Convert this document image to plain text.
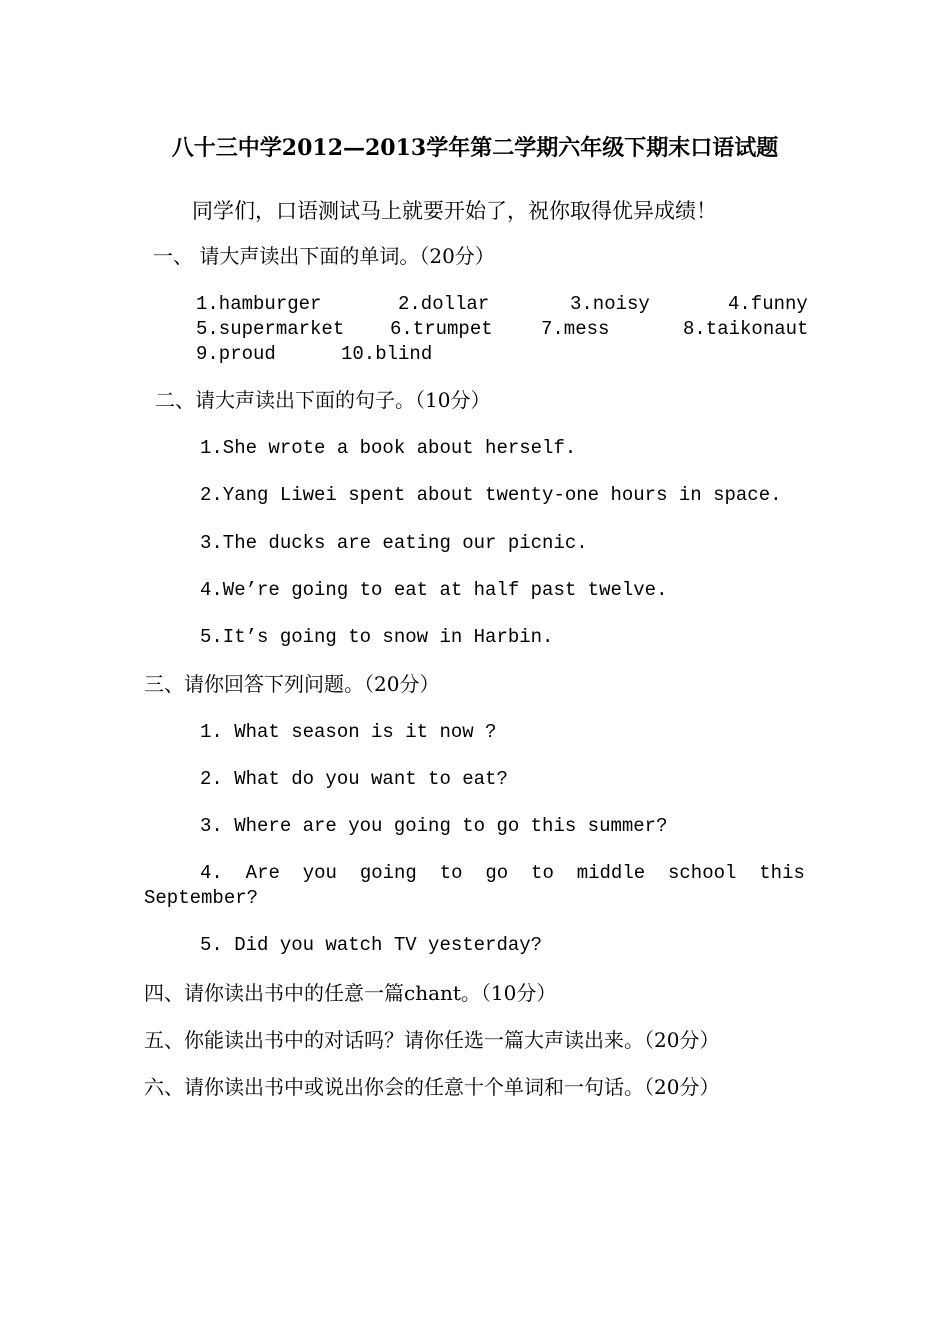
八十三中学2012—2013学年第二学期六年级下期末口语试题
同学们，口语测试马上就要开始了，祝你取得优异成绩！
一、 请大声读出下面的单词。（20分）
1.hamburger	2.dollar	3.noisy	4.funny
5.supermarket 6.trumpet	7.mess	8.taikonaut
9.proud	10.blind
二、请大声读出下面的句子。（10分）
1.She wrote a book about herself.
2.Yang Liwei spent about twenty-one hours in space.
3.The ducks are eating our picnic.
4.We’re going to eat at half past twelve.
5.It’s going to snow in Harbin.
三、请你回答下列问题。（20分）
1. What season is it now ?
2. What do you want to eat?
3. Where are you going to go this summer?
4. Are you going to go to middle school this
September?
5. Did you watch TV yesterday?
四、请你读出书中的任意一篇chant。（10分）
五、你能读出书中的对话吗？请你任选一篇大声读出来。（20分）
六、请你读出书中或说出你会的任意十个单词和一句话。（20分）
